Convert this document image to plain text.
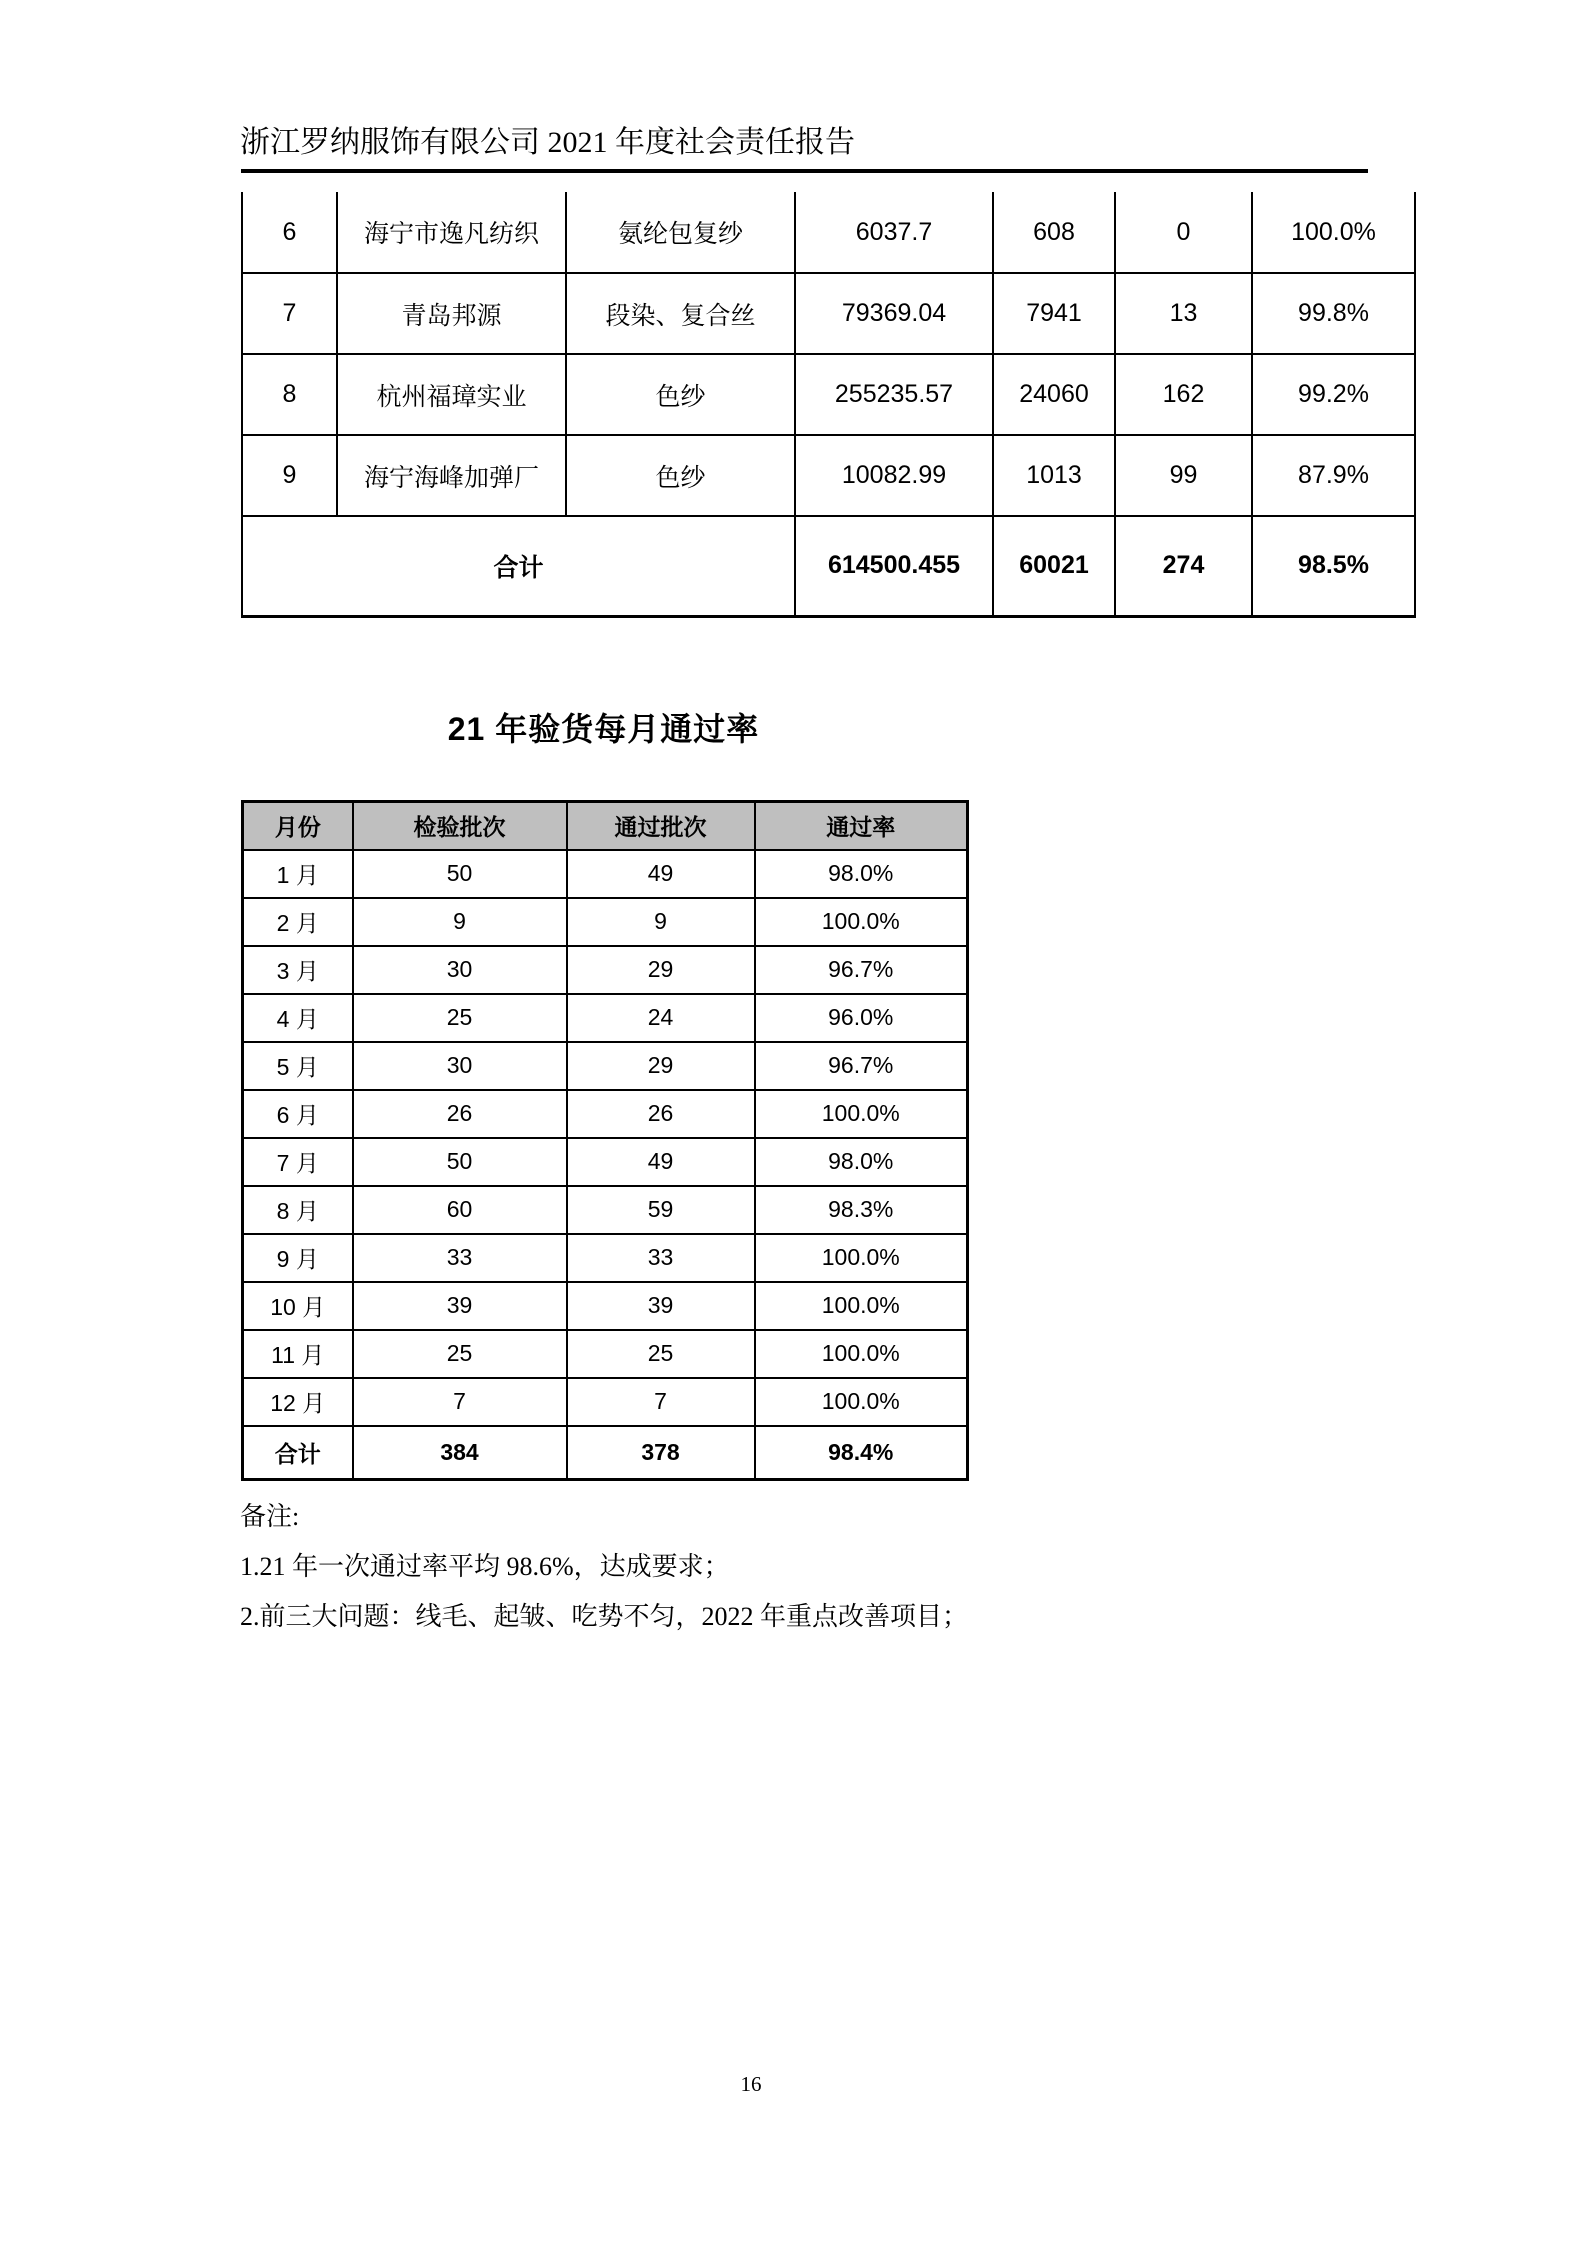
浙江罗纳服饰有限公司 2021 年度社会责任报告
6	海宁市逸凡纺织	氨纶包复纱	6037.7	608	0	100.0%
7	青岛邦源	段染、复合丝	79369.04	7941	13	99.8%
8	杭州福璋实业	色纱	255235.57	24060	162	99.2%
9	海宁海峰加弹厂	色纱	10082.99	1013	99	87.9%
合计			614500.455	60021	274	98.5%
21 年验货每月通过率
月份	检验批次	通过批次	通过率
1 月	50	49	98.0%
2 月	9	9	100.0%
3 月	30	29	96.7%
4 月	25	24	96.0%
5 月	30	29	96.7%
6 月	26	26	100.0%
7 月	50	49	98.0%
8 月	60	59	98.3%
9 月	33	33	100.0%
10 月	39	39	100.0%
11 月	25	25	100.0%
12 月	7	7	100.0%
合计	384	378	98.4%
备注:
1.21 年一次通过率平均 98.6%，达成要求；
2.前三大问题：线毛、起皱、吃势不匀，2022 年重点改善项目；
16
